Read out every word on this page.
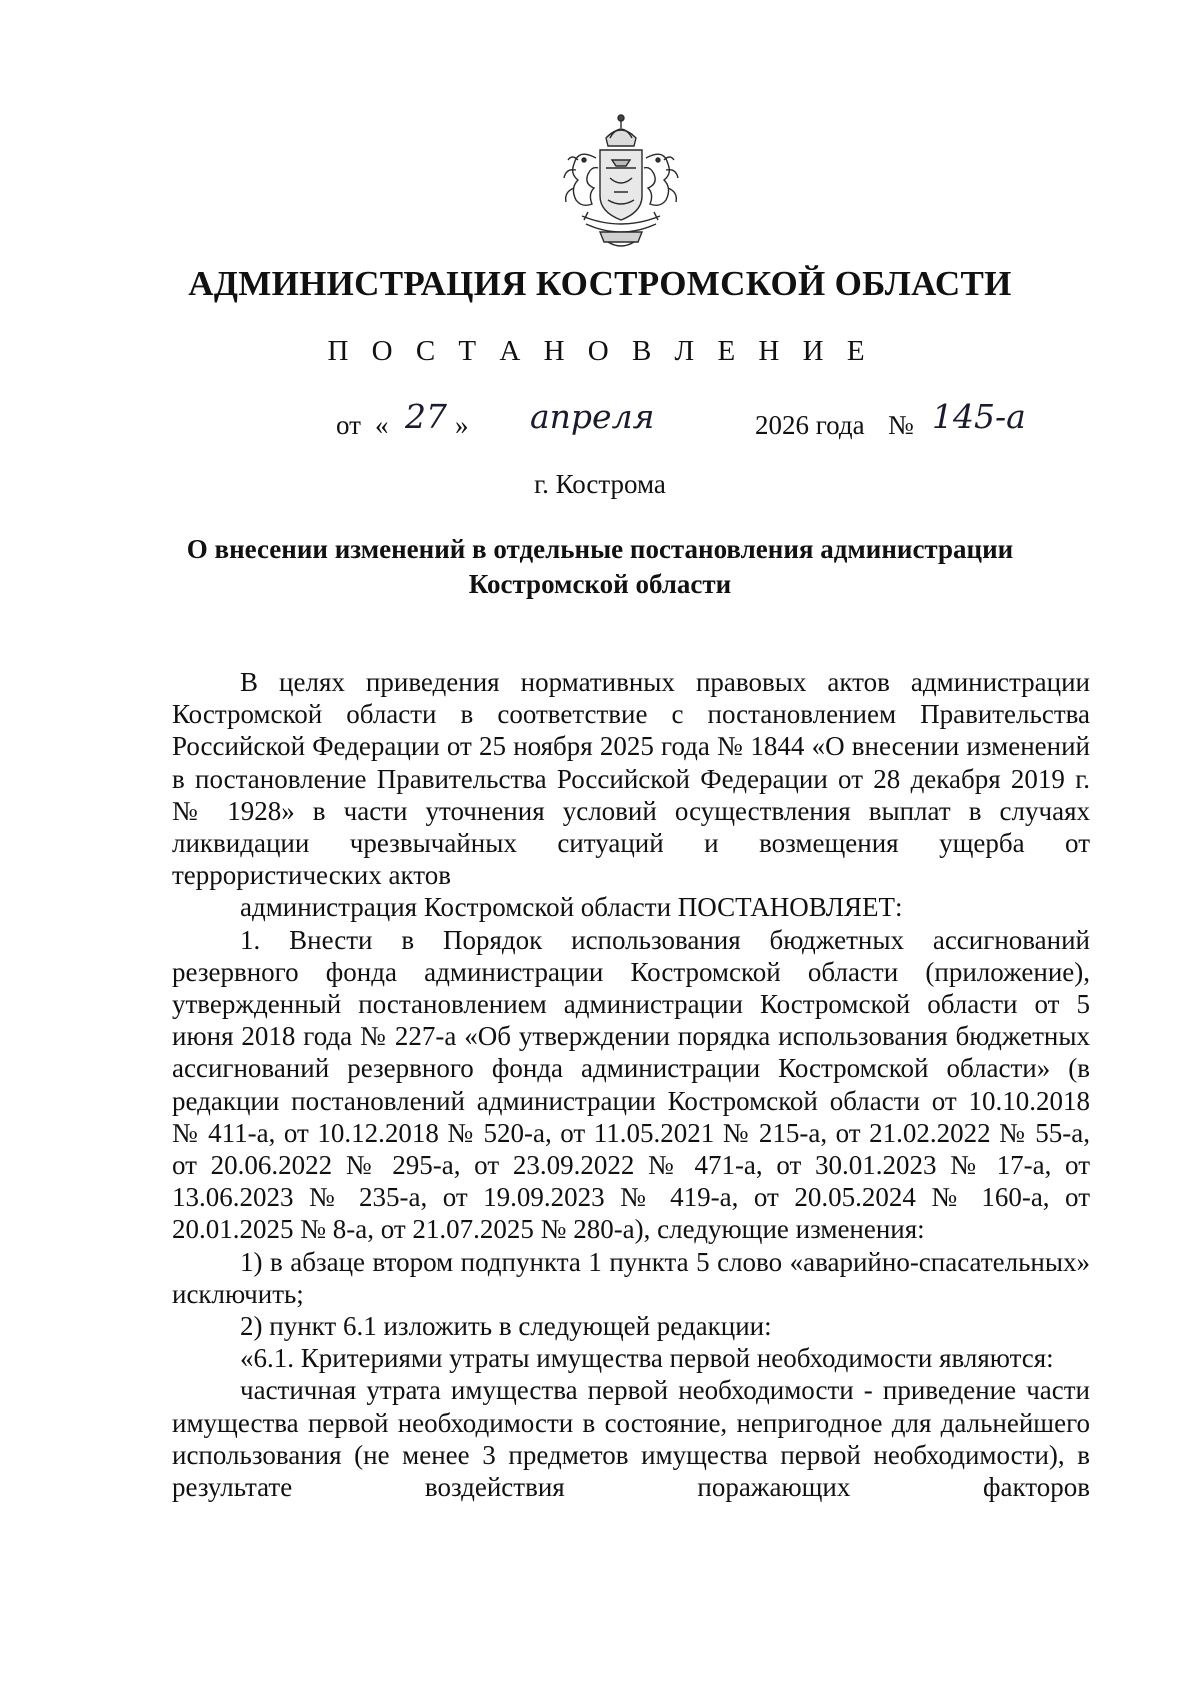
АДМИНИСТРАЦИЯ КОСТРОМСКОЙ ОБЛАСТИ
П О С Т А Н О В Л Е Н И Е
от « 27 » апреля	2026 года № 145-а
г. Кострома
О внесении изменений в отдельные постановления администрации
Костромской области

В целях приведения нормативных правовых актов администрации Костромской области в соответствие с постановлением Правительства Российской Федерации от 25 ноября 2025 года № 1844 «О внесении изменений в постановление Правительства Российской Федерации от 28 декабря 2019 г. № 1928» в части уточнения условий осуществления выплат в случаях ликвидации чрезвычайных ситуаций и возмещения ущерба от террористических актов

администрация Костромской области ПОСТАНОВЛЯЕТ:

1. Внести в Порядок использования бюджетных ассигнований резервного фонда администрации Костромской области (приложение), утвержденный постановлением администрации Костромской области от 5 июня 2018 года № 227-а «Об утверждении порядка использования бюджетных ассигнований резервного фонда администрации Костромской области» (в редакции постановлений администрации Костромской области от 10.10.2018 № 411-а, от 10.12.2018 № 520-а, от 11.05.2021 № 215-а, от 21.02.2022 № 55-а, от 20.06.2022 № 295-а, от 23.09.2022 № 471-а, от 30.01.2023 № 17-а, от 13.06.2023 № 235-а, от 19.09.2023 № 419-а, от 20.05.2024 № 160-а, от 20.01.2025 № 8-а, от 21.07.2025 № 280-а), следующие изменения:

1) в абзаце втором подпункта 1 пункта 5 слово «аварийно-спасательных» исключить;

2) пункт 6.1 изложить в следующей редакции:

«6.1. Критериями утраты имущества первой необходимости являются:

частичная утрата имущества первой необходимости - приведение части имущества первой необходимости в состояние, непригодное для дальнейшего использования (не менее 3 предметов имущества первой необходимости), в результате воздействия поражающих факторов
